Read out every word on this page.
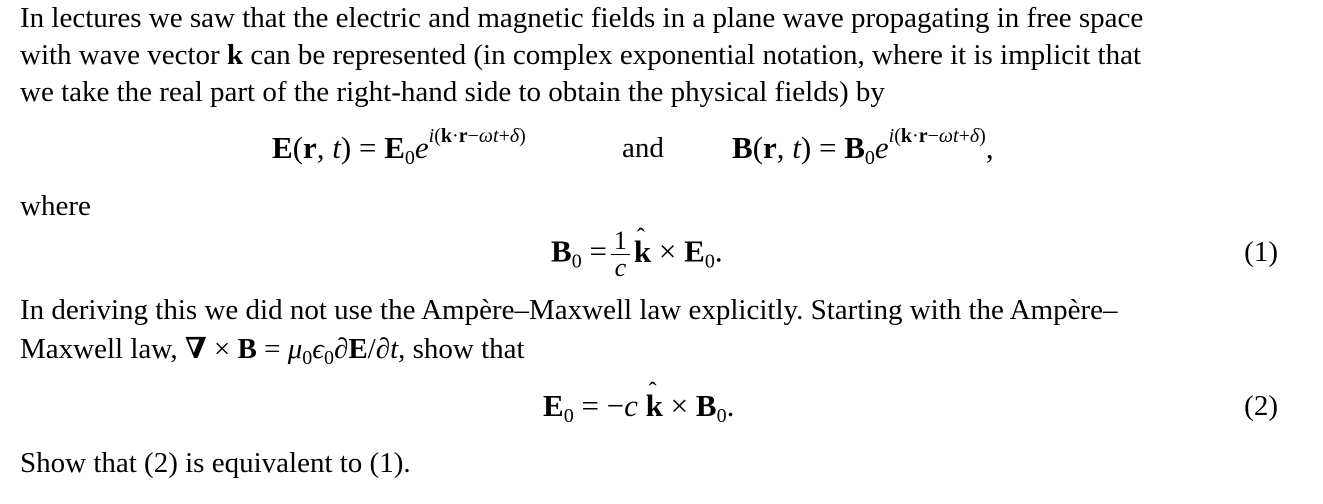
In lectures we saw that the electric and magnetic fields in a plane wave propagating in free space
with wave vector k can be represented (in complex exponential notation, where it is implicit that
we take the real part of the right-hand side to obtain the physical fields) by
E(r, $t) = E_0e^{i(k\cdot r-\omega t+\delta)}$	and B(r, $t) = B_0e^{i(k\cdot r-\omega t+\delta)}$,
where
$B_0 = \frac{1}{c}$ ˆ $k \times E_0$.	(1)
In deriving this we did not use the Ampère–Maxwell law explicitly. Starting with the Ampère–
Maxwell law, ∇ × $B = \mu_0\epsilon_0\partial E/\partial t$, show that
$E_0 = -c$ ˆ $k \times B_0$.	(2)
Show that (2) is equivalent to (1).
